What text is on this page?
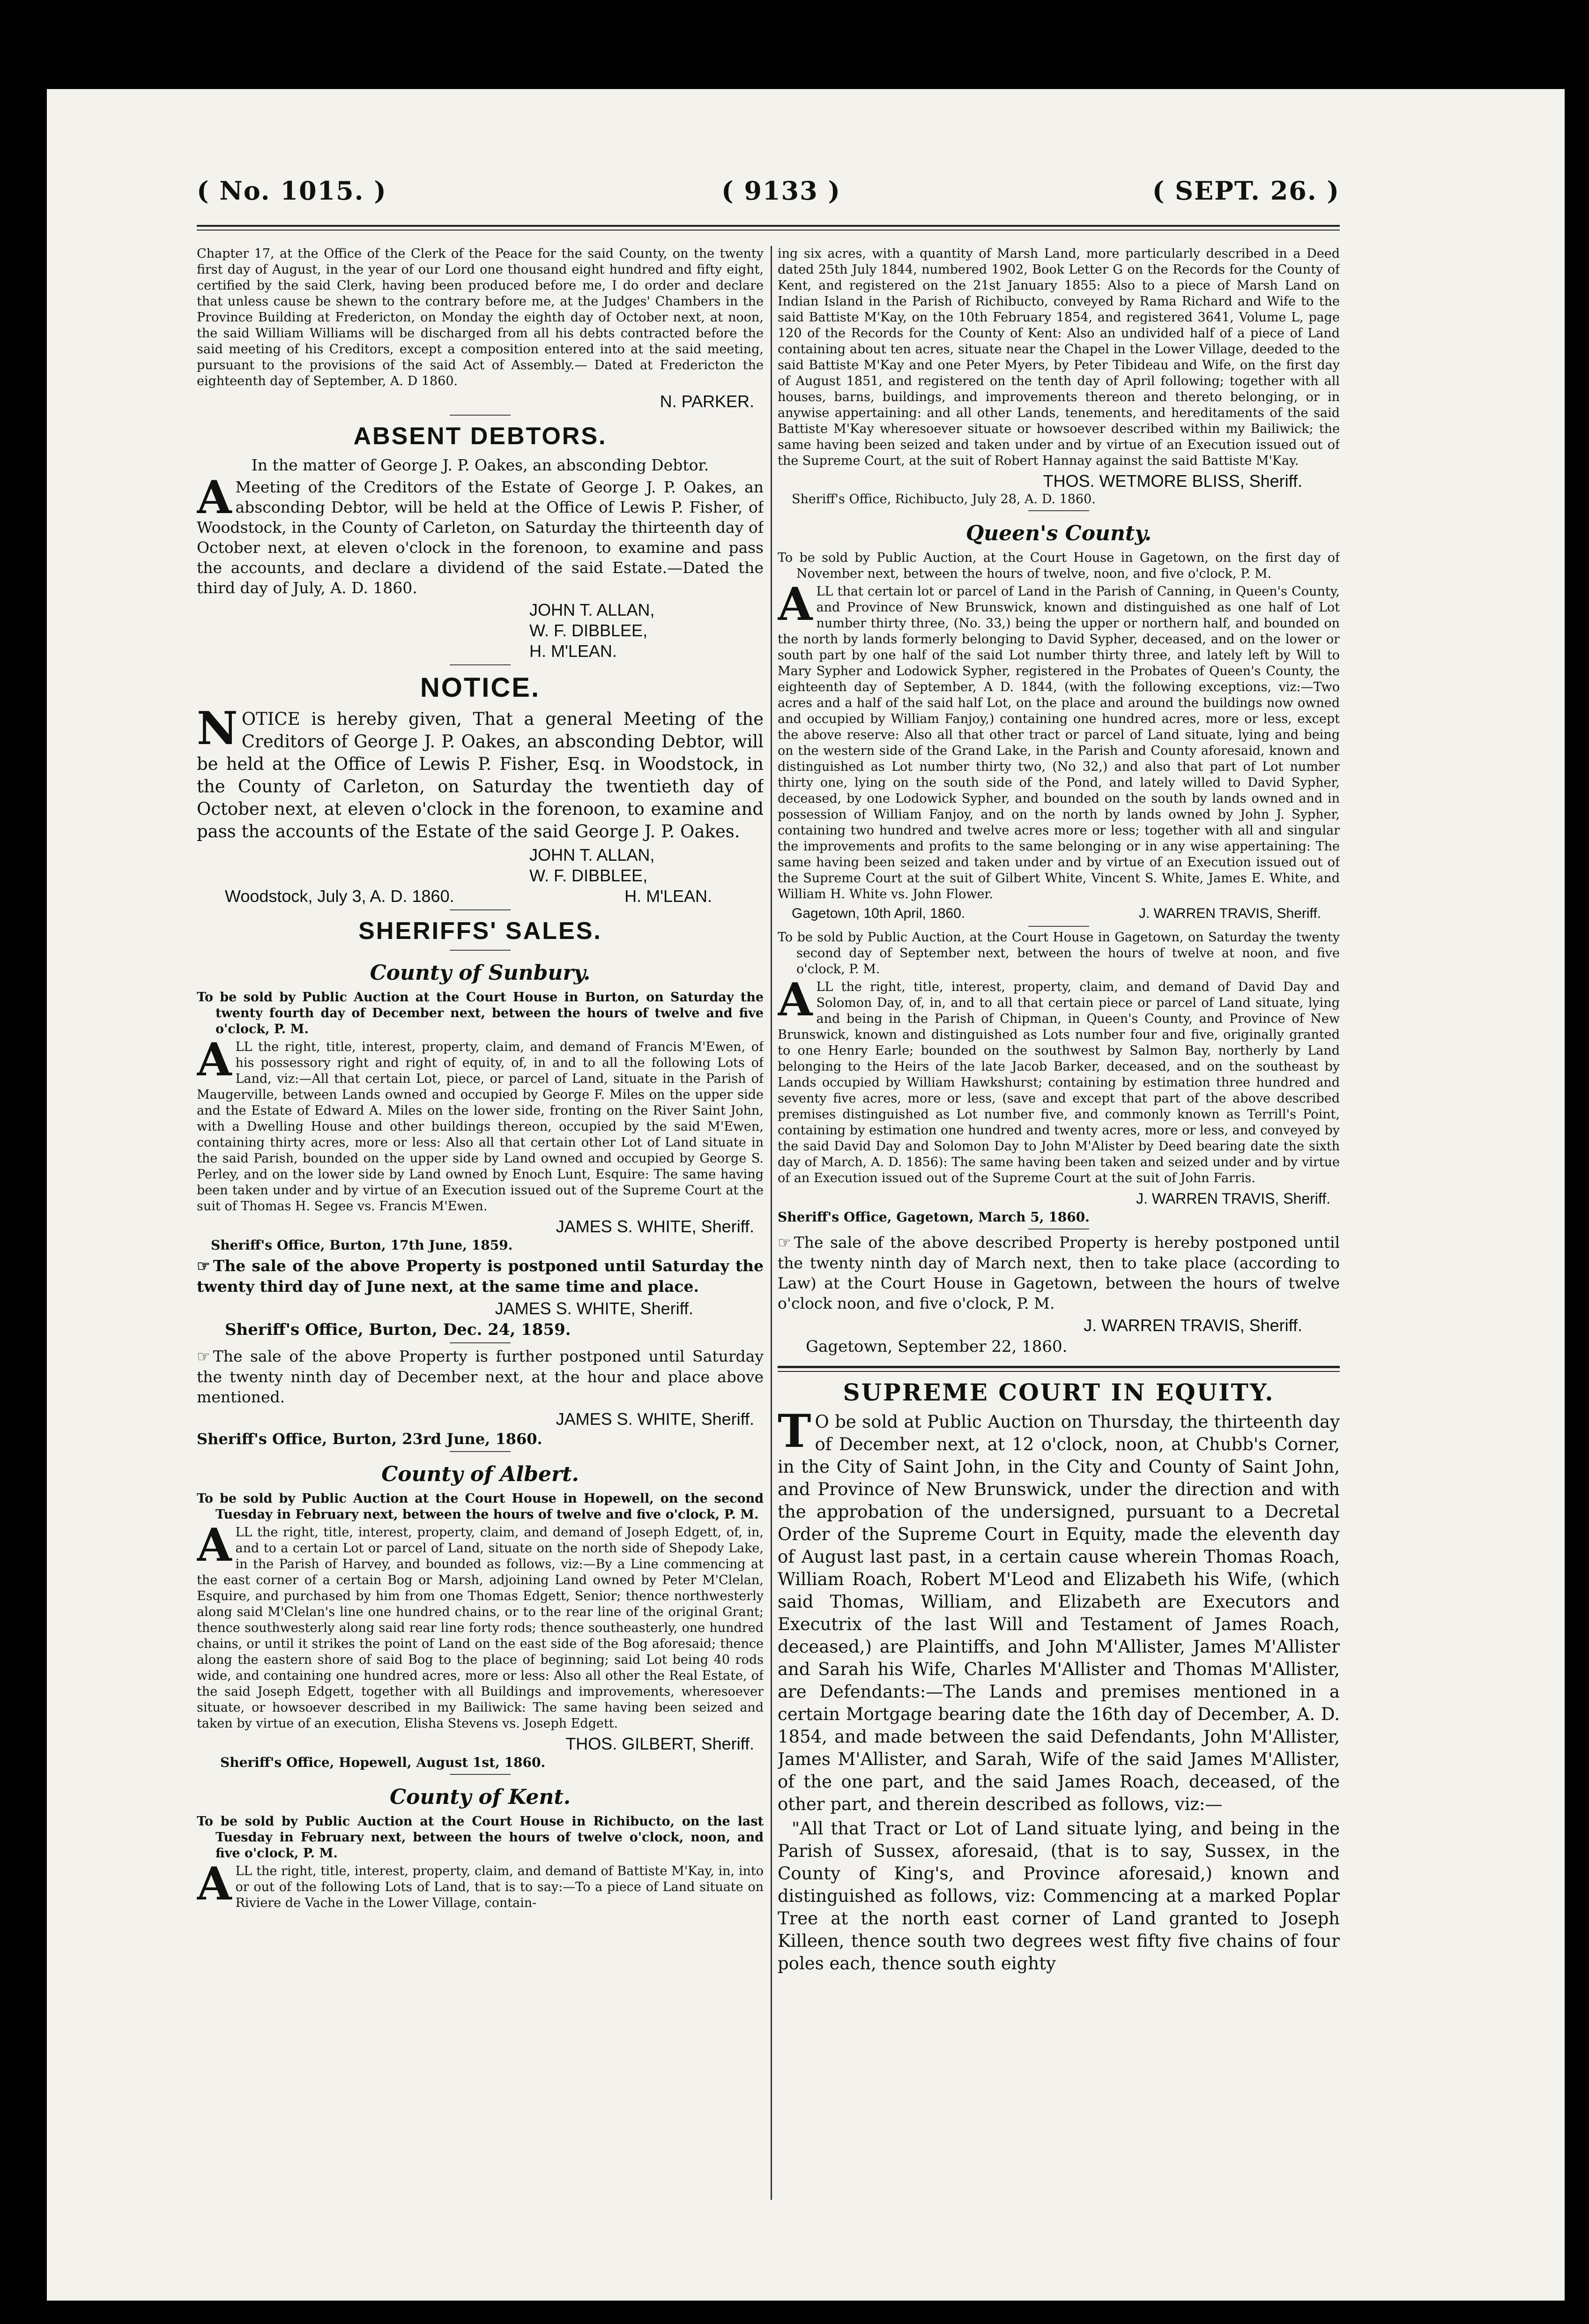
( No. 1015. )	( 9133 )	( SEPT. 26. )

Chapter 17, at the Office of the Clerk of the Peace for the said County, on the twenty first day of August, in the year of our Lord one thousand eight hundred and fifty eight, certified by the said Clerk, having been produced before me, I do order and declare that unless cause be shewn to the contrary before me, at the Judges' Chambers in the Province Building at Fredericton, on Monday the eighth day of October next, at noon, the said William Williams will be discharged from all his debts contracted before the said meeting of his Creditors, except a composition entered into at the said meeting, pursuant to the provisions of the said Act of Assembly.— Dated at Fredericton the eighteenth day of September, A. D 1860.

N. PARKER.

ABSENT DEBTORS.

In the matter of George J. P. Oakes, an absconding Debtor.

AMeeting of the Creditors of the Estate of George J. P. Oakes, an absconding Debtor, will be held at the Office of Lewis P. Fisher, of Woodstock, in the County of Carleton, on Saturday the thirteenth day of October next, at eleven o'clock in the forenoon, to examine and pass the accounts, and declare a dividend of the said Estate.—Dated the third day of July, A. D. 1860.

JOHN T. ALLAN,
W. F. DIBBLEE,
H. M'LEAN.
NOTICE.

NOTICE is hereby given, That a general Meeting of the Creditors of George J. P. Oakes, an absconding Debtor, will be held at the Office of Lewis P. Fisher, Esq. in Woodstock, in the County of Carleton, on Saturday the twentieth day of October next, at eleven o'clock in the forenoon, to examine and pass the accounts of the Estate of the said George J. P. Oakes.

JOHN T. ALLAN,
W. F. DIBBLEE,
Woodstock, July 3, A. D. 1860.	H. M'LEAN.
SHERIFFS' SALES.
County of Sunbury.

To be sold by Public Auction at the Court House in Burton, on Saturday the twenty fourth day of December next, between the hours of twelve and five o'clock, P. M.

ALL the right, title, interest, property, claim, and demand of Francis M'Ewen, of his possessory right and right of equity, of, in and to all the following Lots of Land, viz:—All that certain Lot, piece, or parcel of Land, situate in the Parish of Maugerville, between Lands owned and occupied by George F. Miles on the upper side and the Estate of Edward A. Miles on the lower side, fronting on the River Saint John, with a Dwelling House and other buildings thereon, occupied by the said M'Ewen, containing thirty acres, more or less: Also all that certain other Lot of Land situate in the said Parish, bounded on the upper side by Land owned and occupied by George S. Perley, and on the lower side by Land owned by Enoch Lunt, Esquire: The same having been taken under and by virtue of an Execution issued out of the Supreme Court at the suit of Thomas H. Segee vs. Francis M'Ewen.

JAMES S. WHITE, Sheriff.

Sheriff's Office, Burton, 17th June, 1859.

☞ The sale of the above Property is postponed until Saturday the twenty third day of June next, at the same time and place.

JAMES S. WHITE, Sheriff.

Sheriff's Office, Burton, Dec. 24, 1859.

☞ The sale of the above Property is further postponed until Saturday the twenty ninth day of December next, at the hour and place above mentioned.

JAMES S. WHITE, Sheriff.

Sheriff's Office, Burton, 23rd June, 1860.

County of Albert.

To be sold by Public Auction at the Court House in Hopewell, on the second Tuesday in February next, between the hours of twelve and five o'clock, P. M.

ALL the right, title, interest, property, claim, and demand of Joseph Edgett, of, in, and to a certain Lot or parcel of Land, situate on the north side of Shepody Lake, in the Parish of Harvey, and bounded as follows, viz:—By a Line commencing at the east corner of a certain Bog or Marsh, adjoining Land owned by Peter M'Clelan, Esquire, and purchased by him from one Thomas Edgett, Senior; thence northwesterly along said M'Clelan's line one hundred chains, or to the rear line of the original Grant; thence southwesterly along said rear line forty rods; thence southeasterly, one hundred chains, or until it strikes the point of Land on the east side of the Bog aforesaid; thence along the eastern shore of said Bog to the place of beginning; said Lot being 40 rods wide, and containing one hundred acres, more or less: Also all other the Real Estate, of the said Joseph Edgett, together with all Buildings and improvements, wheresoever situate, or howsoever described in my Bailiwick: The same having been seized and taken by virtue of an execution, Elisha Stevens vs. Joseph Edgett.

THOS. GILBERT, Sheriff.

Sheriff's Office, Hopewell, August 1st, 1860.

County of Kent.

To be sold by Public Auction at the Court House in Richibucto, on the last Tuesday in February next, between the hours of twelve o'clock, noon, and five o'clock, P. M.

ALL the right, title, interest, property, claim, and demand of Battiste M'Kay, in, into or out of the following Lots of Land, that is to say:—To a piece of Land situate on Riviere de Vache in the Lower Village, contain-

ing six acres, with a quantity of Marsh Land, more particularly described in a Deed dated 25th July 1844, numbered 1902, Book Letter G on the Records for the County of Kent, and registered on the 21st January 1855: Also to a piece of Marsh Land on Indian Island in the Parish of Richibucto, conveyed by Rama Richard and Wife to the said Battiste M'Kay, on the 10th February 1854, and registered 3641, Volume L, page 120 of the Records for the County of Kent: Also an undivided half of a piece of Land containing about ten acres, situate near the Chapel in the Lower Village, deeded to the said Battiste M'Kay and one Peter Myers, by Peter Tibideau and Wife, on the first day of August 1851, and registered on the tenth day of April following; together with all houses, barns, buildings, and improvements thereon and thereto belonging, or in anywise appertaining: and all other Lands, tenements, and hereditaments of the said Battiste M'Kay wheresoever situate or howsoever described within my Bailiwick; the same having been seized and taken under and by virtue of an Execution issued out of the Supreme Court, at the suit of Robert Hannay against the said Battiste M'Kay.

THOS. WETMORE BLISS, Sheriff.

Sheriff's Office, Richibucto, July 28, A. D. 1860.

Queen's County.

To be sold by Public Auction, at the Court House in Gagetown, on the first day of November next, between the hours of twelve, noon, and five o'clock, P. M.

ALL that certain lot or parcel of Land in the Parish of Canning, in Queen's County, and Province of New Brunswick, known and distinguished as one half of Lot number thirty three, (No. 33,) being the upper or northern half, and bounded on the north by lands formerly belonging to David Sypher, deceased, and on the lower or south part by one half of the said Lot number thirty three, and lately left by Will to Mary Sypher and Lodowick Sypher, registered in the Probates of Queen's County, the eighteenth day of September, A D. 1844, (with the following exceptions, viz:—Two acres and a half of the said half Lot, on the place and around the buildings now owned and occupied by William Fanjoy,) containing one hundred acres, more or less, except the above reserve: Also all that other tract or parcel of Land situate, lying and being on the western side of the Grand Lake, in the Parish and County aforesaid, known and distinguished as Lot number thirty two, (No 32,) and also that part of Lot number thirty one, lying on the south side of the Pond, and lately willed to David Sypher, deceased, by one Lodowick Sypher, and bounded on the south by lands owned and in possession of William Fanjoy, and on the north by lands owned by John J. Sypher, containing two hundred and twelve acres more or less; together with all and singular the improvements and profits to the same belonging or in any wise appertaining: The same having been seized and taken under and by virtue of an Execution issued out of the Supreme Court at the suit of Gilbert White, Vincent S. White, James E. White, and William H. White vs. John Flower.

Gagetown, 10th April, 1860.	J. WARREN TRAVIS, Sheriff.

To be sold by Public Auction, at the Court House in Gagetown, on Saturday the twenty second day of September next, between the hours of twelve at noon, and five o'clock, P. M.

ALL the right, title, interest, property, claim, and demand of David Day and Solomon Day, of, in, and to all that certain piece or parcel of Land situate, lying and being in the Parish of Chipman, in Queen's County, and Province of New Brunswick, known and distinguished as Lots number four and five, originally granted to one Henry Earle; bounded on the southwest by Salmon Bay, northerly by Land belonging to the Heirs of the late Jacob Barker, deceased, and on the southeast by Lands occupied by William Hawkshurst; containing by estimation three hundred and seventy five acres, more or less, (save and except that part of the above described premises distinguished as Lot number five, and commonly known as Terrill's Point, containing by estimation one hundred and twenty acres, more or less, and conveyed by the said David Day and Solomon Day to John M'Alister by Deed bearing date the sixth day of March, A. D. 1856): The same having been taken and seized under and by virtue of an Execution issued out of the Supreme Court at the suit of John Farris.

J. WARREN TRAVIS, Sheriff.

Sheriff's Office, Gagetown, March 5, 1860.

☞ The sale of the above described Property is hereby postponed until the twenty ninth day of March next, then to take place (according to Law) at the Court House in Gagetown, between the hours of twelve o'clock noon, and five o'clock, P. M.

J. WARREN TRAVIS, Sheriff.

Gagetown, September 22, 1860.

SUPREME COURT IN EQUITY.

TO be sold at Public Auction on Thursday, the thirteenth day of December next, at 12 o'clock, noon, at Chubb's Corner, in the City of Saint John, in the City and County of Saint John, and Province of New Brunswick, under the direction and with the approbation of the undersigned, pursuant to a Decretal Order of the Supreme Court in Equity, made the eleventh day of August last past, in a certain cause wherein Thomas Roach, William Roach, Robert M'Leod and Elizabeth his Wife, (which said Thomas, William, and Elizabeth are Executors and Executrix of the last Will and Testament of James Roach, deceased,) are Plaintiffs, and John M'Allister, James M'Allister and Sarah his Wife, Charles M'Allister and Thomas M'Allister, are Defendants:—The Lands and premises mentioned in a certain Mortgage bearing date the 16th day of December, A. D. 1854, and made between the said Defendants, John M'Allister, James M'Allister, and Sarah, Wife of the said James M'Allister, of the one part, and the said James Roach, deceased, of the other part, and therein described as follows, viz:—

"All that Tract or Lot of Land situate lying, and being in the Parish of Sussex, aforesaid, (that is to say, Sussex, in the County of King's, and Province aforesaid,) known and distinguished as follows, viz: Commencing at a marked Poplar Tree at the north east corner of Land granted to Joseph Killeen, thence south two degrees west fifty five chains of four poles each, thence south eighty
